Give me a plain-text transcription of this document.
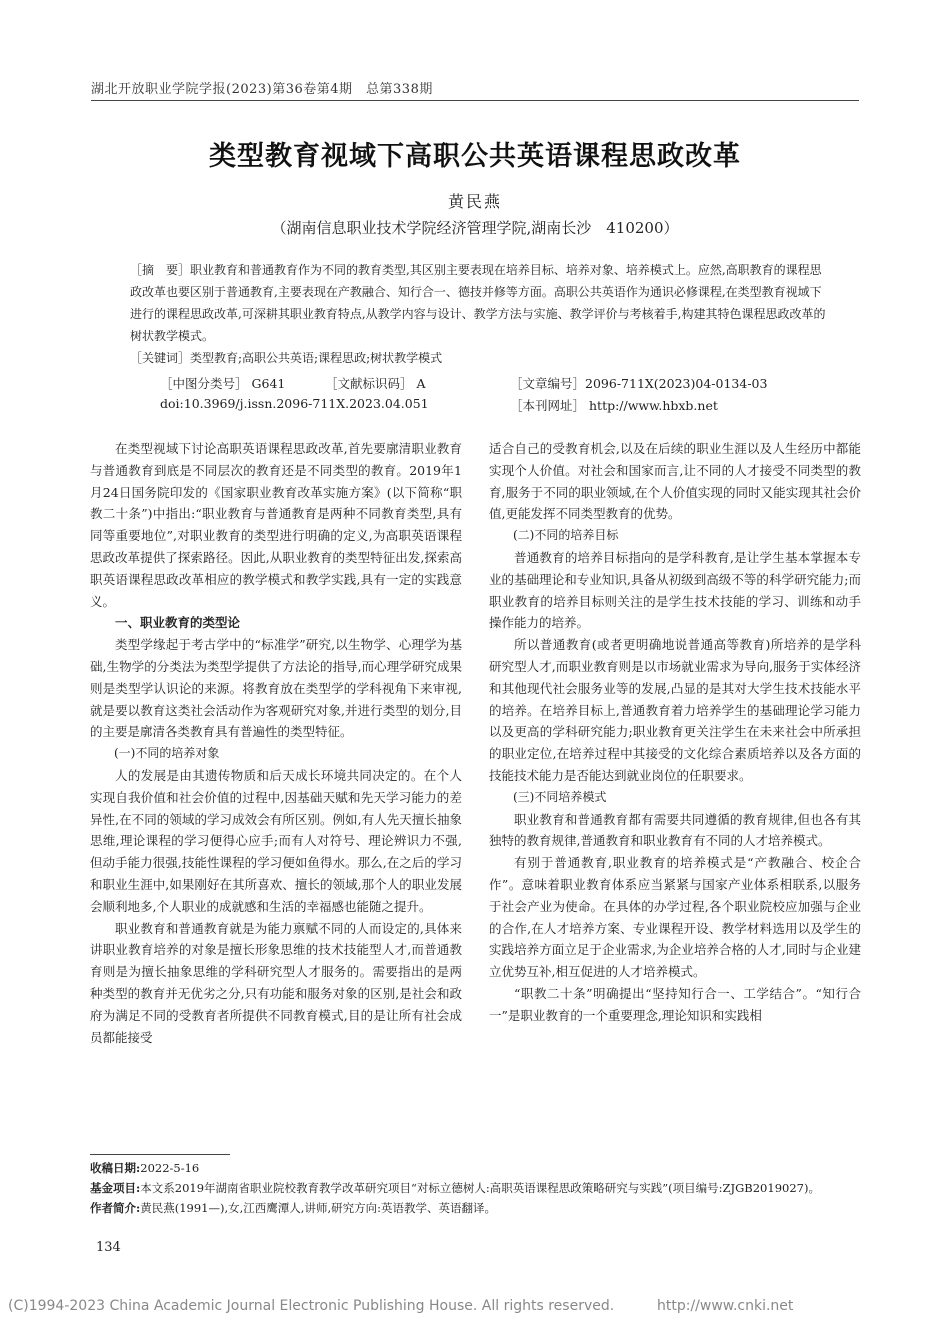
湖北开放职业学院学报(2023)第36卷第4期　总第338期
类型教育视域下高职公共英语课程思政改革
黄民燕
（湖南信息职业技术学院经济管理学院,湖南长沙　410200）
［摘　要］职业教育和普通教育作为不同的教育类型,其区别主要表现在培养目标、培养对象、培养模式上。应然,高职教育的课程思政改革也要区别于普通教育,主要表现在产教融合、知行合一、德技并修等方面。高职公共英语作为通识必修课程,在类型教育视域下进行的课程思政改革,可深耕其职业教育特点,从教学内容与设计、教学方法与实施、教学评价与考核着手,构建其特色课程思政改革的树状教学模式。
［关键词］类型教育;高职公共英语;课程思政;树状教学模式
［中图分类号］ G641	［文献标识码］ A	［文章编号］2096-711X(2023)04-0134-03
doi:10.3969/j.issn.2096-711X.2023.04.051	［本刊网址］ http://www.hbxb.net

在类型视域下讨论高职英语课程思政改革,首先要廓清职业教育与普通教育到底是不同层次的教育还是不同类型的教育。2019年1月24日国务院印发的《国家职业教育改革实施方案》(以下简称“职教二十条”)中指出:“职业教育与普通教育是两种不同教育类型,具有同等重要地位”,对职业教育的类型进行明确的定义,为高职英语课程思政改革提供了探索路径。因此,从职业教育的类型特征出发,探索高职英语课程思政改革相应的教学模式和教学实践,具有一定的实践意义。

一、职业教育的类型论

类型学缘起于考古学中的“标准学”研究,以生物学、心理学为基础,生物学的分类法为类型学提供了方法论的指导,而心理学研究成果则是类型学认识论的来源。将教育放在类型学的学科视角下来审视,就是要以教育这类社会活动作为客观研究对象,并进行类型的划分,目的主要是廓清各类教育具有普遍性的类型特征。

(一)不同的培养对象

人的发展是由其遗传物质和后天成长环境共同决定的。在个人实现自我价值和社会价值的过程中,因基础天赋和先天学习能力的差异性,在不同的领域的学习成效会有所区别。例如,有人先天擅长抽象思维,理论课程的学习便得心应手;而有人对符号、理论辨识力不强,但动手能力很强,技能性课程的学习便如鱼得水。那么,在之后的学习和职业生涯中,如果刚好在其所喜欢、擅长的领域,那个人的职业发展会顺利地多,个人职业的成就感和生活的幸福感也能随之提升。

职业教育和普通教育就是为能力禀赋不同的人而设定的,具体来讲职业教育培养的对象是擅长形象思维的技术技能型人才,而普通教育则是为擅长抽象思维的学科研究型人才服务的。需要指出的是两种类型的教育并无优劣之分,只有功能和服务对象的区别,是社会和政府为满足不同的受教育者所提供不同教育模式,目的是让所有社会成员都能接受

适合自己的受教育机会,以及在后续的职业生涯以及人生经历中都能实现个人价值。对社会和国家而言,让不同的人才接受不同类型的教育,服务于不同的职业领域,在个人价值实现的同时又能实现其社会价值,更能发挥不同类型教育的优势。

(二)不同的培养目标

普通教育的培养目标指向的是学科教育,是让学生基本掌握本专业的基础理论和专业知识,具备从初级到高级不等的科学研究能力;而职业教育的培养目标则关注的是学生技术技能的学习、训练和动手操作能力的培养。

所以普通教育(或者更明确地说普通高等教育)所培养的是学科研究型人才,而职业教育则是以市场就业需求为导向,服务于实体经济和其他现代社会服务业等的发展,凸显的是其对大学生技术技能水平的培养。在培养目标上,普通教育着力培养学生的基础理论学习能力以及更高的学科研究能力;职业教育更关注学生在未来社会中所承担的职业定位,在培养过程中其接受的文化综合素质培养以及各方面的技能技术能力是否能达到就业岗位的任职要求。

(三)不同培养模式

职业教育和普通教育都有需要共同遵循的教育规律,但也各有其独特的教育规律,普通教育和职业教育有不同的人才培养模式。

有别于普通教育,职业教育的培养模式是“产教融合、校企合作”。意味着职业教育体系应当紧紧与国家产业体系相联系,以服务于社会产业为使命。在具体的办学过程,各个职业院校应加强与企业的合作,在人才培养方案、专业课程开设、教学材料选用以及学生的实践培养方面立足于企业需求,为企业培养合格的人才,同时与企业建立优势互补,相互促进的人才培养模式。

“职教二十条”明确提出“坚持知行合一、工学结合”。“知行合一”是职业教育的一个重要理念,理论知识和实践相

收稿日期:2022-5-16

基金项目:本文系2019年湖南省职业院校教育教学改革研究项目“对标立德树人:高职英语课程思政策略研究与实践”(项目编号:ZJGB2019027)。

作者简介:黄民燕(1991—),女,江西鹰潭人,讲师,研究方向:英语教学、英语翻译。

134
(C)1994-2023 China Academic Journal Electronic Publishing House. All rights reserved.	http://www.cnki.net
